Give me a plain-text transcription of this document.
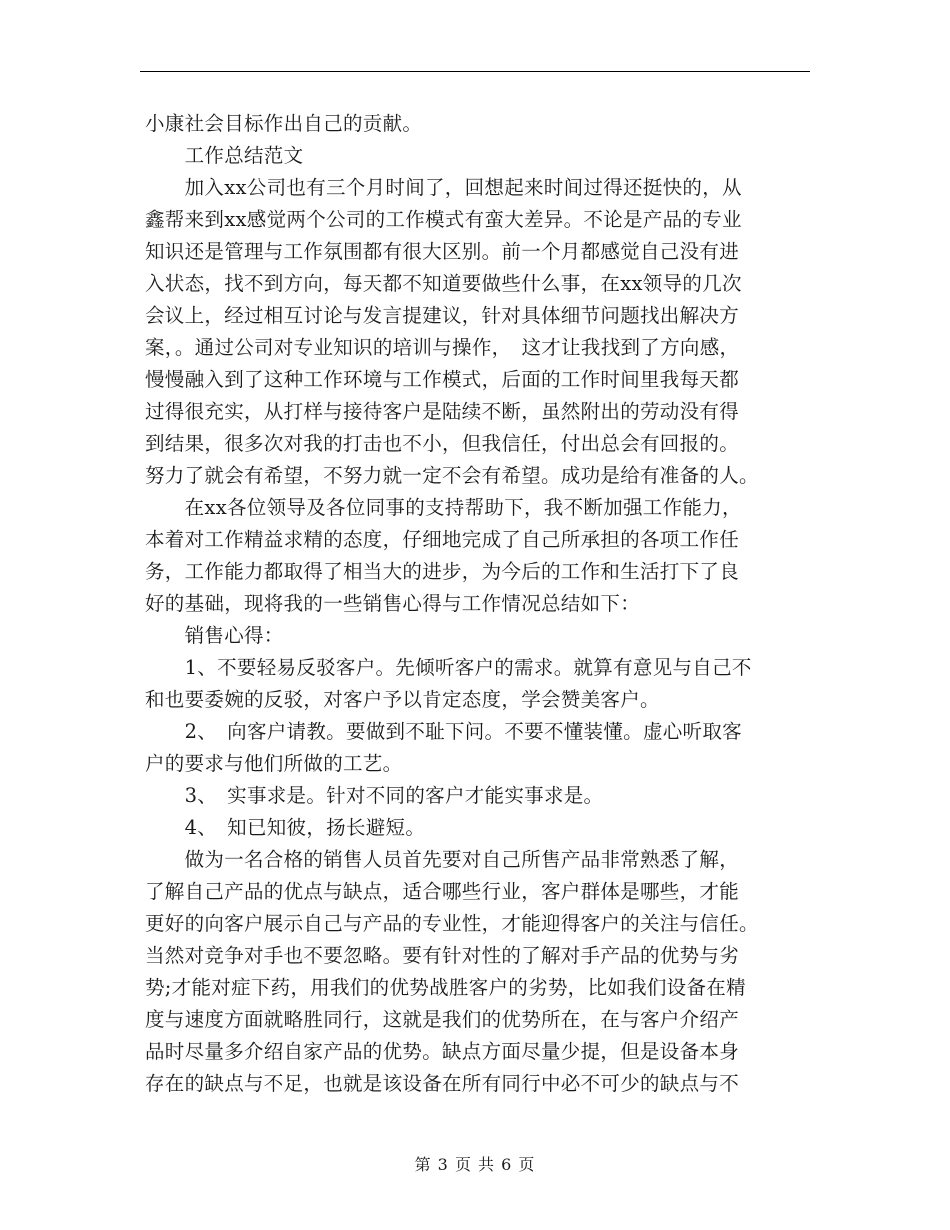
小康社会目标作出自己的贡献。
　　工作总结范文
　　加入xx公司也有三个月时间了，回想起来时间过得还挺快的，从
鑫帮来到xx感觉两个公司的工作模式有蛮大差异。不论是产品的专业
知识还是管理与工作氛围都有很大区别。前一个月都感觉自己没有进
入状态，找不到方向，每天都不知道要做些什么事，在xx领导的几次
会议上，经过相互讨论与发言提建议，针对具体细节问题找出解决方
案，。通过公司对专业知识的培训与操作，　这才让我找到了方向感，
慢慢融入到了这种工作环境与工作模式，后面的工作时间里我每天都
过得很充实，从打样与接待客户是陆续不断，虽然附出的劳动没有得
到结果，很多次对我的打击也不小，但我信任，付出总会有回报的。
努力了就会有希望，不努力就一定不会有希望。成功是给有准备的人。
　　在xx各位领导及各位同事的支持帮助下，我不断加强工作能力，
本着对工作精益求精的态度，仔细地完成了自己所承担的各项工作任
务，工作能力都取得了相当大的进步，为今后的工作和生活打下了良
好的基础，现将我的一些销售心得与工作情况总结如下：
　　销售心得：
　　1、不要轻易反驳客户。先倾听客户的需求。就算有意见与自己不
和也要委婉的反驳，对客户予以肯定态度，学会赞美客户。
　　2、　向客户请教。要做到不耻下问。不要不懂装懂。虚心听取客
户的要求与他们所做的工艺。
　　3、　实事求是。针对不同的客户才能实事求是。
　　4、　知已知彼，扬长避短。
　　做为一名合格的销售人员首先要对自己所售产品非常熟悉了解，
了解自己产品的优点与缺点，适合哪些行业，客户群体是哪些，才能
更好的向客户展示自己与产品的专业性，才能迎得客户的关注与信任。
当然对竞争对手也不要忽略。要有针对性的了解对手产品的优势与劣
势;才能对症下药，用我们的优势战胜客户的劣势，比如我们设备在精
度与速度方面就略胜同行，这就是我们的优势所在，在与客户介绍产
品时尽量多介绍自家产品的优势。缺点方面尽量少提，但是设备本身
存在的缺点与不足，也就是该设备在所有同行中必不可少的缺点与不
第 3 页 共 6 页
